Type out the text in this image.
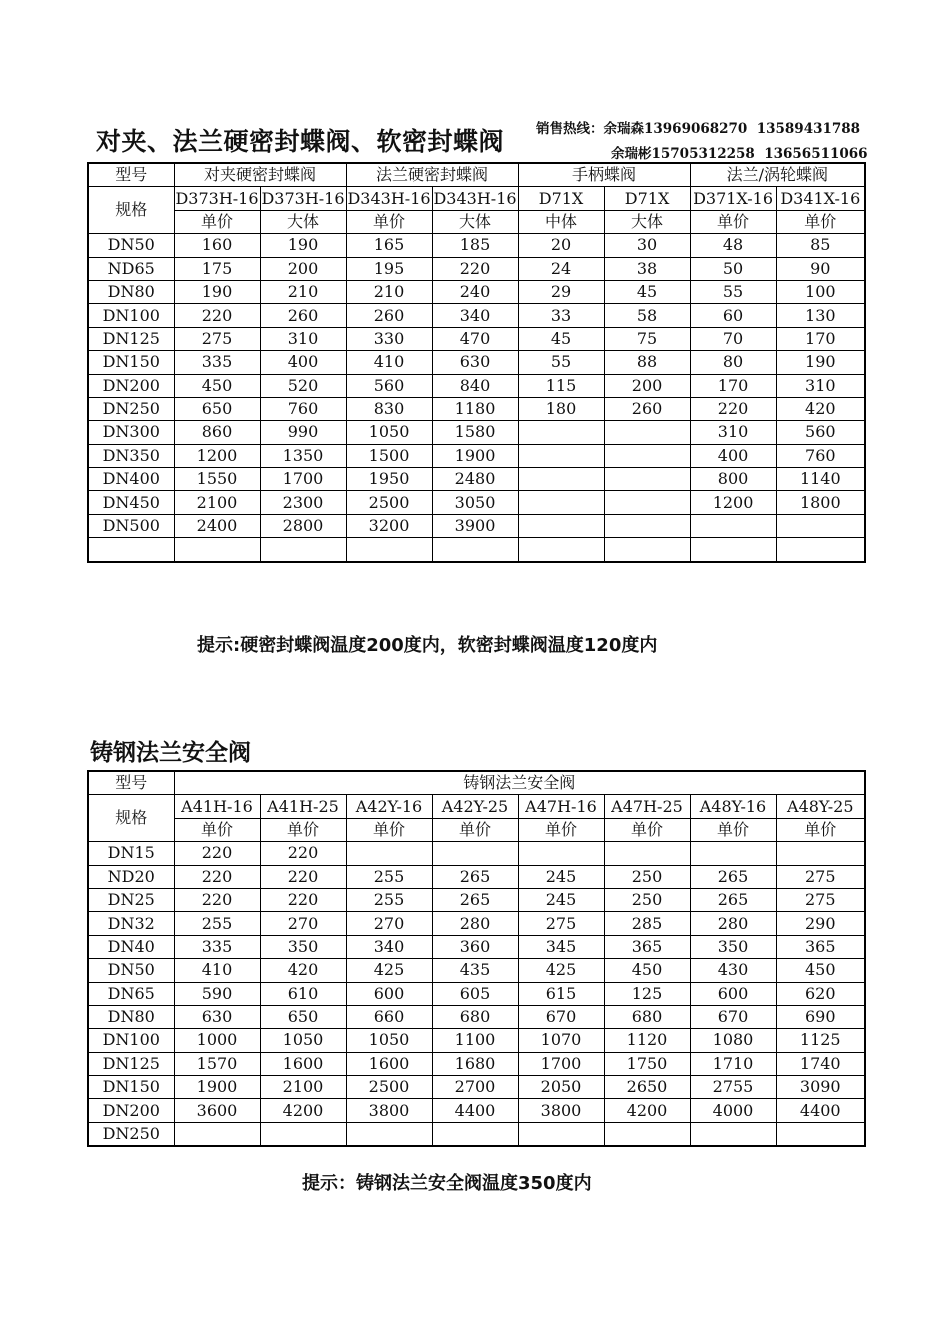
对夹、法兰硬密封蝶阀、软密封蝶阀 销售热线：余瑞森13969068270  13589431788
余瑞彬15705312258  13656511066
型号	对夹硬密封蝶阀		法兰硬密封蝶阀		手柄蝶阀		法兰/涡轮蝶阀	
规格	D373H-16	D373H-16	D343H-16	D343H-16	D71X	D71X	D371X-16	D341X-16
	单价	大体	单价	大体	中体	大体	单价	单价
DN50	160	190	165	185	20	30	48	85
ND65	175	200	195	220	24	38	50	90
DN80	190	210	210	240	29	45	55	100
DN100	220	260	260	340	33	58	60	130
DN125	275	310	330	470	45	75	70	170
DN150	335	400	410	630	55	88	80	190
DN200	450	520	560	840	115	200	170	310
DN250	650	760	830	1180	180	260	220	420
DN300	860	990	1050	1580			310	560
DN350	1200	1350	1500	1900			400	760
DN400	1550	1700	1950	2480			800	1140
DN450	2100	2300	2500	3050			1200	1800
DN500	2400	2800	3200	3900				

提示:硬密封蝶阀温度200度内，软密封蝶阀温度120度内
铸钢法兰安全阀
型号	铸钢法兰安全阀							
规格	A41H-16	A41H-25	A42Y-16	A42Y-25	A47H-16	A47H-25	A48Y-16	A48Y-25
	单价	单价	单价	单价	单价	单价	单价	单价
DN15	220	220						
ND20	220	220	255	265	245	250	265	275
DN25	220	220	255	265	245	250	265	275
DN32	255	270	270	280	275	285	280	290
DN40	335	350	340	360	345	365	350	365
DN50	410	420	425	435	425	450	430	450
DN65	590	610	600	605	615	125	600	620
DN80	630	650	660	680	670	680	670	690
DN100	1000	1050	1050	1100	1070	1120	1080	1125
DN125	1570	1600	1600	1680	1700	1750	1710	1740
DN150	1900	2100	2500	2700	2050	2650	2755	3090
DN200	3600	4200	3800	4400	3800	4200	4000	4400
DN250								
提示：铸钢法兰安全阀温度350度内
